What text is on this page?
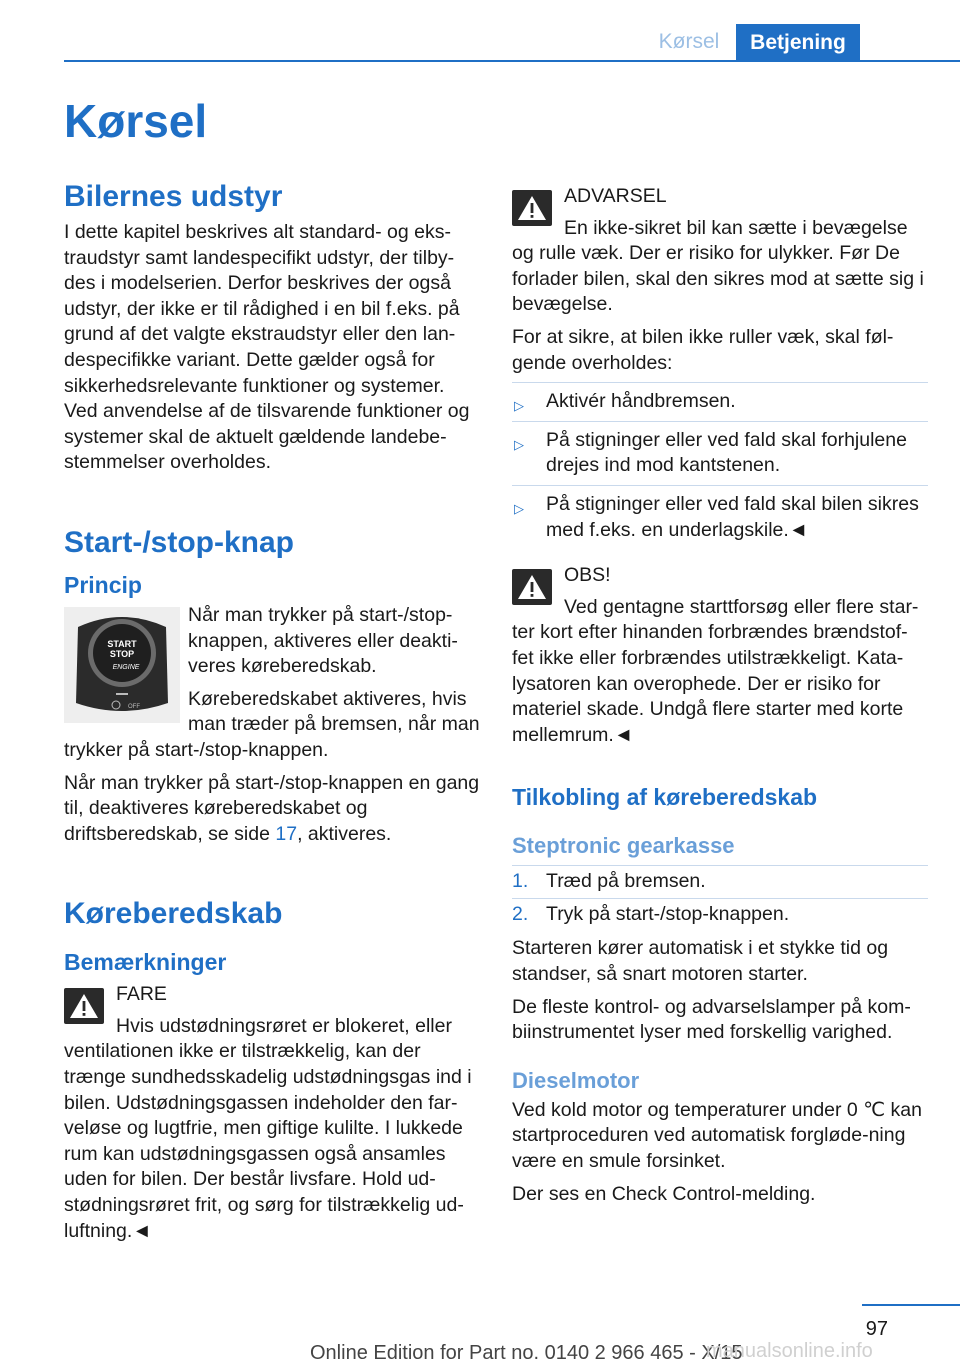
Kørsel	Betjening
Kørsel
Bilernes udstyr

I dette kapitel beskrives alt standard- og eks-traudstyr samt landespecifikt udstyr, der tilby-des i modelserien. Derfor beskrives der også udstyr, der ikke er til rådighed i en bil f.eks. på grund af det valgte ekstraudstyr eller den lan-despecifikke variant. Dette gælder også for sikkerhedsrelevante funktioner og systemer. Ved anvendelse af de tilsvarende funktioner og systemer skal de aktuelt gældende landebe-stemmelser overholdes.

Start-/stop-knap
Princip
START
STOP
ENGINE
OFF

Når man trykker på start-/stop-knappen, aktiveres eller deakti-veres kørеberedskab.

Køreberedskabet aktiveres, hvis man træder på bremsen, når man trykker på start-/stop-knappen.

Når man trykker på start-/stop-knappen en gang til, deaktiveres køreberedskabet og driftsberedskab, se side 17, aktiveres.

Køreberedskab
Bemærkninger
FARE

Hvis udstødningsrøret er blokeret, eller ventilationen ikke er tilstrækkelig, kan der trænge sundhedsskadelig udstødningsgas ind i bilen. Udstødningsgassen indeholder den far-veløse og lugtfrie, men giftige kulilte. I lukkede rum kan udstødningsgassen også ansamles uden for bilen. Der består livsfare. Hold ud-stødningsrøret frit, og sørg for tilstrækkelig ud-luftning.◄

ADVARSEL

En ikke-sikret bil kan sætte i bevægelse og rulle væk. Der er risiko for ulykker. Før De forlader bilen, skal den sikres mod at sætte sig i bevægelse.

For at sikre, at bilen ikke ruller væk, skal føl-gende overholdes:

▷ Aktivér håndbremsen.
▷ På stigninger eller ved fald skal forhjulene drejes ind mod kantstenen.
▷ På stigninger eller ved fald skal bilen sikres med f.eks. en underlagskile.◄
OBS!

Ved gentagne starttforsøg eller flere star-ter kort efter hinanden forbrændes brændstof-fet ikke eller forbrændes utilstrækkeligt. Kata-lysatoren kan overophede. Der er risiko for materiel skade. Undgå flere starter med korte mellemrum.◄

Tilkobling af køreberedskab
Steptronic gearkasse
1. Træd på bremsen.
2. Tryk på start-/stop-knappen.

Starteren kører automatisk i et stykke tid og standser, så snart motoren starter.

De fleste kontrol- og advarselslamper på kom-biinstrumentet lyser med forskellig varighed.

Dieselmotor

Ved kold motor og temperaturer under 0 ℃ kan startproceduren ved automatisk forgløde-ning være en smule forsinket.

Der ses en Check Control-melding.

97
Online Edition for Part no. 0140 2 966 465 - X/15
manualsonline.info
